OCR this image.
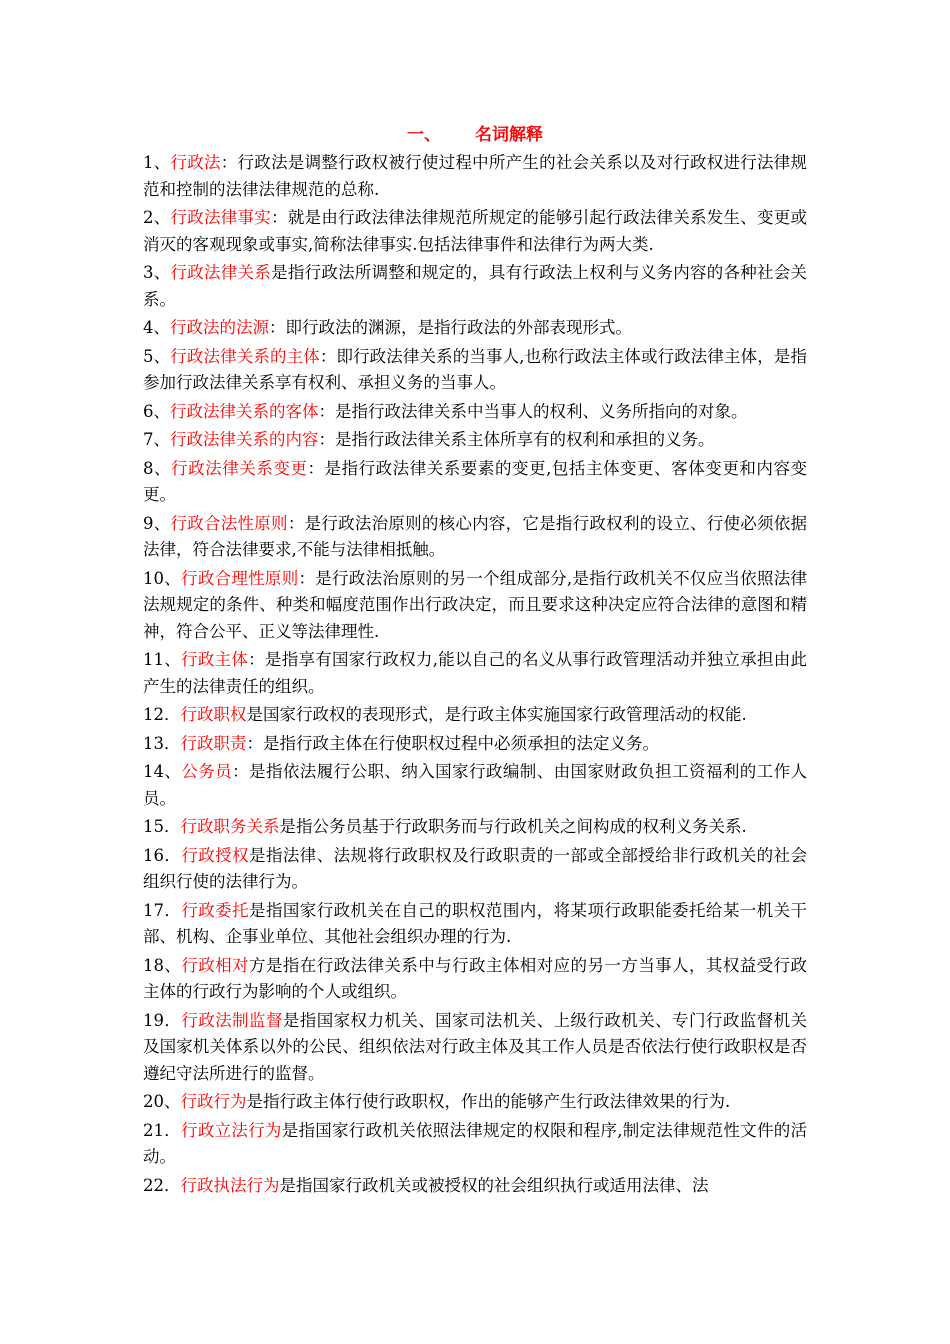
一、 名词解释
1、行政法：行政法是调整行政权被行使过程中所产生的社会关系以及对行政权进行法律规范和控制的法律法律规范的总称.
2、行政法律事实：就是由行政法律法律规范所规定的能够引起行政法律关系发生、变更或消灭的客观现象或事实,简称法律事实.包括法律事件和法律行为两大类.
3、行政法律关系是指行政法所调整和规定的，具有行政法上权利与义务内容的各种社会关系。
4、行政法的法源：即行政法的渊源，是指行政法的外部表现形式。
5、行政法律关系的主体：即行政法律关系的当事人,也称行政法主体或行政法律主体，是指参加行政法律关系享有权利、承担义务的当事人。
6、行政法律关系的客体：是指行政法律关系中当事人的权利、义务所指向的对象。
7、行政法律关系的内容：是指行政法律关系主体所享有的权利和承担的义务。
8、行政法律关系变更：是指行政法律关系要素的变更,包括主体变更、客体变更和内容变更。
9、行政合法性原则：是行政法治原则的核心内容，它是指行政权利的设立、行使必须依据法律，符合法律要求,不能与法律相抵触。
10、行政合理性原则：是行政法治原则的另一个组成部分,是指行政机关不仅应当依照法律法规规定的条件、种类和幅度范围作出行政决定，而且要求这种决定应符合法律的意图和精神，符合公平、正义等法律理性.
11、行政主体：是指享有国家行政权力,能以自己的名义从事行政管理活动并独立承担由此产生的法律责任的组织。
12．行政职权是国家行政权的表现形式，是行政主体实施国家行政管理活动的权能.
13．行政职责：是指行政主体在行使职权过程中必须承担的法定义务。
14、公务员：是指依法履行公职、纳入国家行政编制、由国家财政负担工资福利的工作人员。
15．行政职务关系是指公务员基于行政职务而与行政机关之间构成的权利义务关系.
16．行政授权是指法律、法规将行政职权及行政职责的一部或全部授给非行政机关的社会组织行使的法律行为。
17．行政委托是指国家行政机关在自己的职权范围内，将某项行政职能委托给某一机关干部、机构、企事业单位、其他社会组织办理的行为.
18、行政相对方是指在行政法律关系中与行政主体相对应的另一方当事人，其权益受行政主体的行政行为影响的个人或组织。
19．行政法制监督是指国家权力机关、国家司法机关、上级行政机关、专门行政监督机关及国家机关体系以外的公民、组织依法对行政主体及其工作人员是否依法行使行政职权是否遵纪守法所进行的监督。
20、行政行为是指行政主体行使行政职权，作出的能够产生行政法律效果的行为.
21．行政立法行为是指国家行政机关依照法律规定的权限和程序,制定法律规范性文件的活动。
22．行政执法行为是指国家行政机关或被授权的社会组织执行或适用法律、法
